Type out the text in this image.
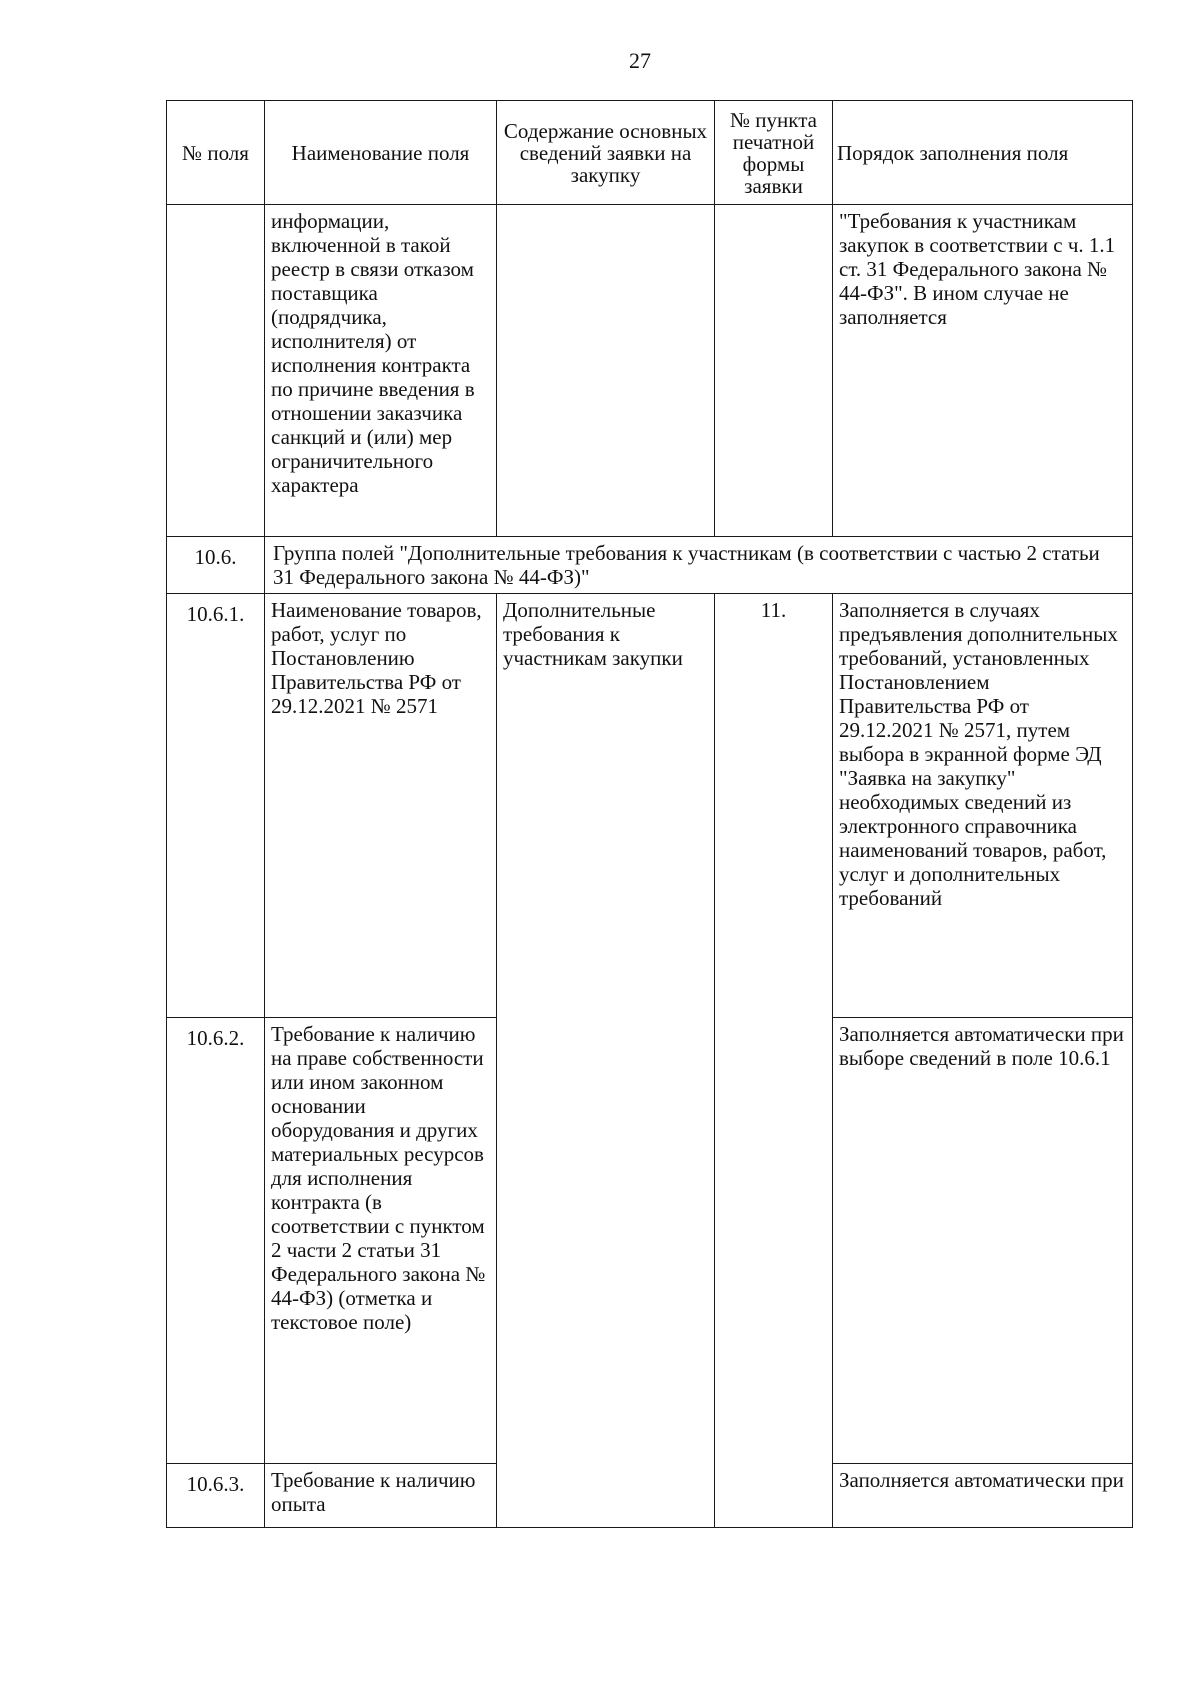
27
№ поля	Наименование поля	Содержание основных сведений заявки на закупку	№ пункта печатной формы заявки	Порядок заполнения поля
	информации, включенной в такой реестр в связи отказом поставщика (подрядчика, исполнителя) от исполнения контракта по причине введения в отношении заказчика санкций и (или) мер ограничительного характера			"Требования к участникам закупок в соответствии с ч. 1.1 ст. 31 Федерального закона № 44-ФЗ". В ином случае не заполняется
10.6.	Группа полей "Дополнительные требования к участникам (в соответствии с частью 2 статьи 31 Федерального закона № 44-ФЗ)"			
10.6.1.	Наименование товаров, работ, услуг по Постановлению Правительства РФ от 29.12.2021 № 2571	Дополнительные требования к участникам закупки	11.	Заполняется в случаях предъявления дополнительных требований, установленных Постановлением Правительства РФ от 29.12.2021 № 2571, путем выбора в экранной форме ЭД "Заявка на закупку" необходимых сведений из электронного справочника наименований товаров, работ, услуг и дополнительных требований
10.6.2.	Требование к наличию на праве собственности или ином законном основании оборудования и других материальных ресурсов для исполнения контракта (в соответствии с пунктом 2 части 2 статьи 31 Федерального закона № 44-ФЗ) (отметка и текстовое поле)			Заполняется автоматически при выборе сведений в поле 10.6.1
10.6.3.	Требование к наличию опыта			Заполняется автоматически при
